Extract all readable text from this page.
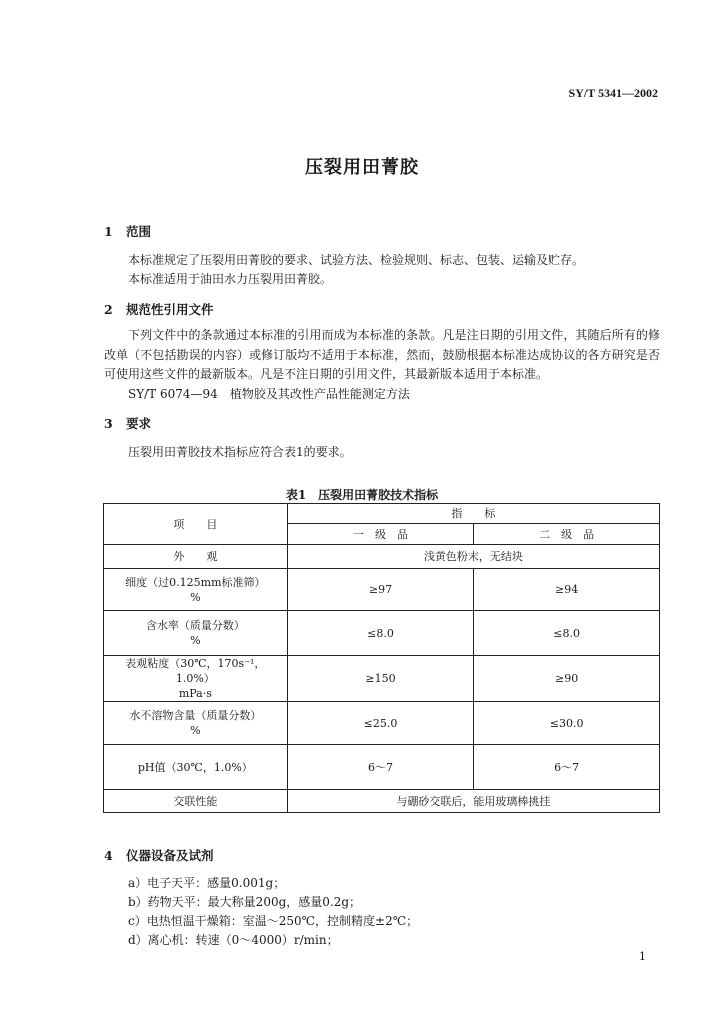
SY/T 5341—2002
压裂用田菁胶
1 范围
本标准规定了压裂用田菁胶的要求、试验方法、检验规则、标志、包装、运输及贮存。
本标准适用于油田水力压裂用田菁胶。
2 规范性引用文件
下列文件中的条款通过本标准的引用而成为本标准的条款。凡是注日期的引用文件，其随后所有的修改单（不包括勘误的内容）或修订版均不适用于本标准，然而，鼓励根据本标准达成协议的各方研究是否可使用这些文件的最新版本。凡是不注日期的引用文件，其最新版本适用于本标准。
SY/T 6074—94　植物胶及其改性产品性能测定方法
3 要求
压裂用田菁胶技术指标应符合表1的要求。
表1　压裂用田菁胶技术指标
项　　目	指　　标	
	一　级　品	二　级　品
外　　观	浅黄色粉末，无结块	
细度（过0.125mm标准筛）
%	≥97	≥94
含水率（质量分数）
%	≤8.0	≤8.0
表观粘度（30℃，170s⁻¹，1.0%）
mPa·s	≥150	≥90
水不溶物含量（质量分数）
%	≤25.0	≤30.0
pH值（30℃，1.0%）	6～7	6～7
交联性能	与硼砂交联后，能用玻璃棒挑挂	
4 仪器设备及试剂
a）电子天平：感量0.001g；
b）药物天平：最大称量200g，感量0.2g；
c）电热恒温干燥箱：室温～250℃，控制精度±2℃；
d）离心机：转速（0～4000）r/min；
1
